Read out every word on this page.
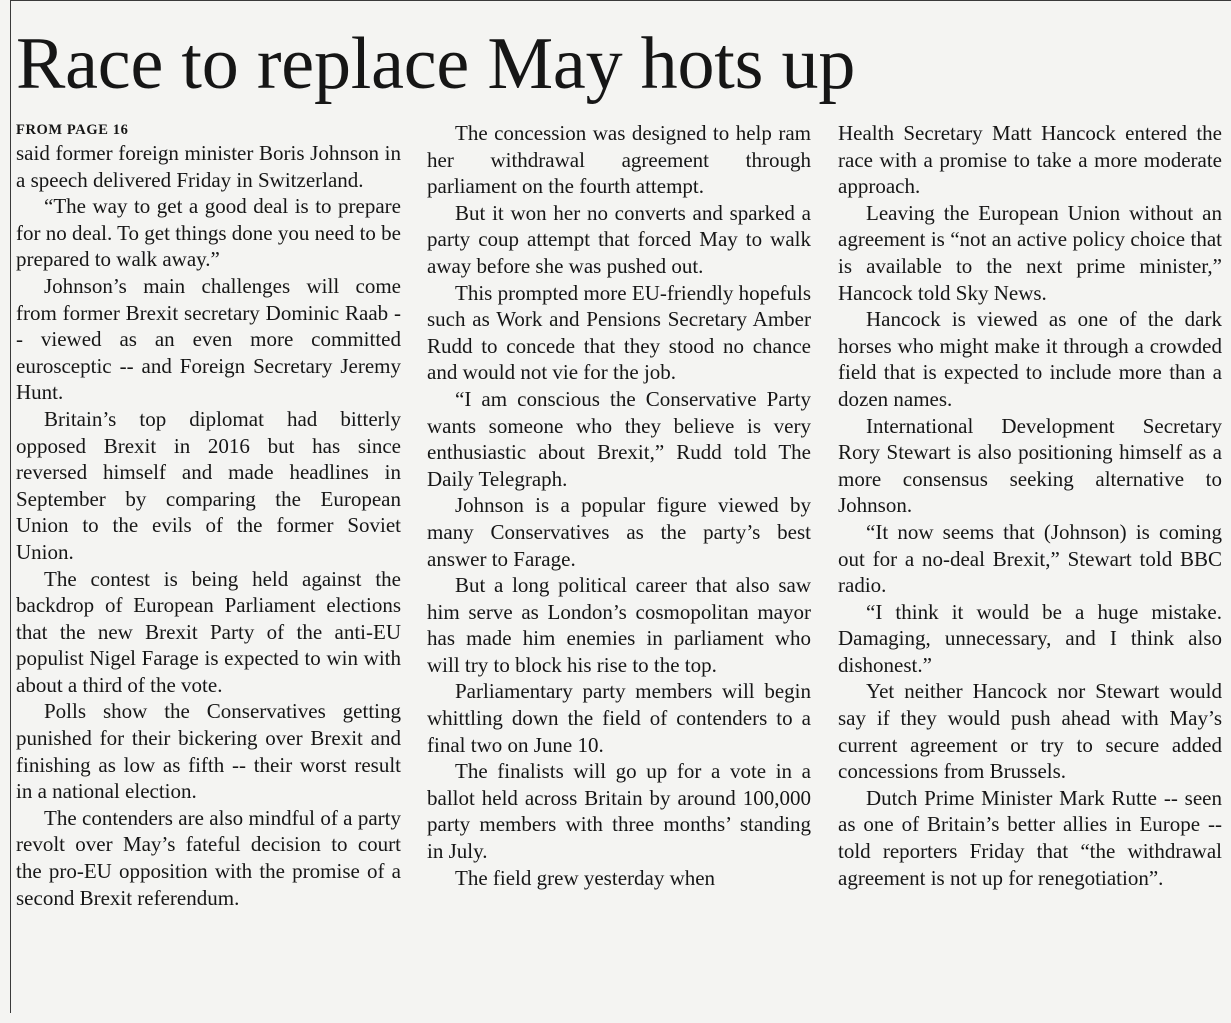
Race to replace May hots up
FROM PAGE 16

said former foreign minister Boris Johnson in a speech delivered Friday in Switzerland.

“The way to get a good deal is to prepare for no deal. To get things done you need to be prepared to walk away.”

Johnson’s main challenges will come from former Brexit secretary Dominic Raab -- viewed as an even more committed eurosceptic -- and Foreign Secretary Jeremy Hunt.

Britain’s top diplomat had bitterly opposed Brexit in 2016 but has since reversed himself and made headlines in September by comparing the European Union to the evils of the former Soviet Union.

The contest is being held against the backdrop of European Parliament elections that the new Brexit Party of the anti-EU populist Nigel Farage is expected to win with about a third of the vote.

Polls show the Conservatives getting punished for their bickering over Brexit and finishing as low as fifth -- their worst result in a national election.

The contenders are also mindful of a party revolt over May’s fateful decision to court the pro-EU opposition with the promise of a second Brexit referendum.

The concession was designed to help ram her withdrawal agreement through parliament on the fourth attempt.

But it won her no converts and sparked a party coup attempt that forced May to walk away before she was pushed out.

This prompted more EU-friendly hopefuls such as Work and Pensions Secretary Amber Rudd to concede that they stood no chance and would not vie for the job.

“I am conscious the Conservative Party wants someone who they believe is very enthusiastic about Brexit,” Rudd told The Daily Telegraph.

Johnson is a popular figure viewed by many Conservatives as the party’s best answer to Farage.

But a long political career that also saw him serve as London’s cosmopolitan mayor has made him enemies in parliament who will try to block his rise to the top.

Parliamentary party members will begin whittling down the field of contenders to a final two on June 10.

The finalists will go up for a vote in a ballot held across Britain by around 100,000 party members with three months’ standing in July.

The field grew yesterday when

Health Secretary Matt Hancock entered the race with a promise to take a more moderate approach.

Leaving the European Union without an agreement is “not an active policy choice that is available to the next prime minister,” Hancock told Sky News.

Hancock is viewed as one of the dark horses who might make it through a crowded field that is expected to include more than a dozen names.

International Development Secretary Rory Stewart is also positioning himself as a more consensus seeking alternative to Johnson.

“It now seems that (Johnson) is coming out for a no-deal Brexit,” Stewart told BBC radio.

“I think it would be a huge mistake. Damaging, unnecessary, and I think also dishonest.”

Yet neither Hancock nor Stewart would say if they would push ahead with May’s current agreement or try to secure added concessions from Brussels.

Dutch Prime Minister Mark Rutte -- seen as one of Britain’s better allies in Europe -- told reporters Friday that “the withdrawal agreement is not up for renegotiation”.
